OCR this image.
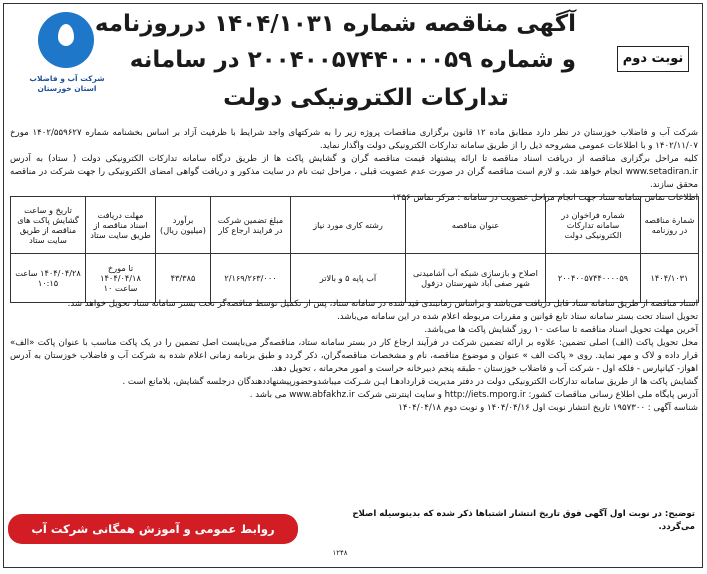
آگهی مناقصه شماره ۱۴۰۴/۱۰۳۱ درروزنامه
و شماره ۲۰۰۴۰۰۵۷۴۴۰۰۰۰۵۹ در سامانه
تدارکات الکترونیکی دولت
نوبت دوم
شرکت آب و فاضلاب استان خوزستان
شرکت آب و فاضلاب خوزستان در نظر دارد مطابق ماده ۱۲ قانون برگزاری مناقصات پروژه زیر را به شرکتهای واجد شرایط با ظرفیت آزاد بر اساس بخشنامه شماره ۱۴۰۲/۵۵۹۶۲۷ مورخ ۱۴۰۲/۱۱/۰۷ و با اطلاعات عمومی مشروحه ذیل را از طریق سامانه تدارکات الکترونیکی دولت واگذار نماید.
کلیه مراحل برگزاری مناقصه از دریافت اسناد مناقصه تا ارائه پیشنهاد قیمت مناقصه گران و گشایش پاکت ها از طریق درگاه سامانه تدارکات الکترونیکی دولت ( ستاد) به آدرس www.setadiran.ir انجام خواهد شد. و لازم است مناقصه گران در صورت عدم عضویت قبلی ، مراحل ثبت نام در سایت مذکور و دریافت گواهی امضای الکترونیکی را جهت شرکت در مناقصه محقق سازند.
اطلاعات تماس سامانه ستاد جهت انجام مراحل عضویت در سامانه : مرکز تماس ۱۴۵۶
شمارة مناقصه در روزنامه	شماره فراخوان در سامانه تدارکات الکترونیکی دولت	عنوان مناقصه	رشته کاری مورد نیاز	مبلغ تضمین شرکت در فرایند ارجاع کار	برآورد (میلیون ریال)	مهلت دریافت اسناد مناقصه از طریق سایت ستاد	تاریخ و ساعت گشایش پاکت های مناقصه از طریق سایت ستاد
۱۴۰۴/۱۰۳۱	۲۰۰۴۰۰۵۷۴۴۰۰۰۰۵۹	اصلاح و بازسازی شبکه آب آشامیدنی شهر صفی آباد شهرستان دزفول	آب پایه ۵ و بالاتر	۲/۱۶۹/۲۶۳/۰۰۰	۴۳/۳۸۵	تا مورخ ۱۴۰۴/۰۴/۱۸ ساعت ۱۰	۱۴۰۴/۰۴/۲۸ ساعت ۱۰:۱۵
اسناد مناقصه از طریق سامانه ستاد قابل دریافت می‌باشد و براساس زمانبندی قید شده در سامانه ستاد، پس از تکمیل توسط مناقصه‌گر تحت بستر سامانه ستاد تحویل خواهد شد.
تحویل اسناد تحت بستر سامانه ستاد تابع قوانین و مقررات مربوطه اعلام شده در این سامانه می‌باشد.
آخرین مهلت تحویل اسناد مناقصه تا ساعت ۱۰ روز گشایش پاکت ها می‌باشد.
محل تحویل پاکت (الف) اصلی تضمین: علاوه بر ارائه تضمین شرکت در فرآیند ارجاع کار در بستر سامانه ستاد، مناقصه‌گر می‌بایست اصل تضمین را در یک پاکت مناسب با عنوان پاکت «الف» قرار داده و لاک و مهر نماید. روی « پاکت الف » عنوان و موضوع مناقصه، نام و مشخصات مناقصه‌گران، ذکر گردد و طبق برنامه زمانی اعلام شده به شرکت آب و فاضلاب خوزستان به آدرس اهواز- کیانپارس - فلکه اول - شرکت آب و فاضلاب خوزستان - طبقه پنجم دبیرخانه حراست و امور محرمانه ، تحویل دهد.
گشایش پاکت ها از طریق سامانه تدارکات الکترونیکی دولت در دفتر مدیریت قراردادهـا ایـن شـرکت میباشدوحضورپیشنهاددهندگان درجلسه گشایش، بلامانع است .
آدرس پایگاه ملی اطلاع رسانی مناقصات کشور: http://iets.mporg.ir و سایت اینترنتی شرکت www.abfakhz.ir می باشد .
شناسه آگهی : ۱۹۵۷۳۰۰ تاریخ انتشار نوبت اول ۱۴۰۴/۰۴/۱۶ و نوبت دوم ۱۴۰۴/۰۴/۱۸
توضیح: در نوبت اول آگهی فوق تاریخ انتشار اشتباها ذکر شده که بدینوسیله اصلاح می‌گردد.
روابط عمومی و آموزش همگانی شرکت آب وفاضلاب خوزستان	۱۲۴۸
